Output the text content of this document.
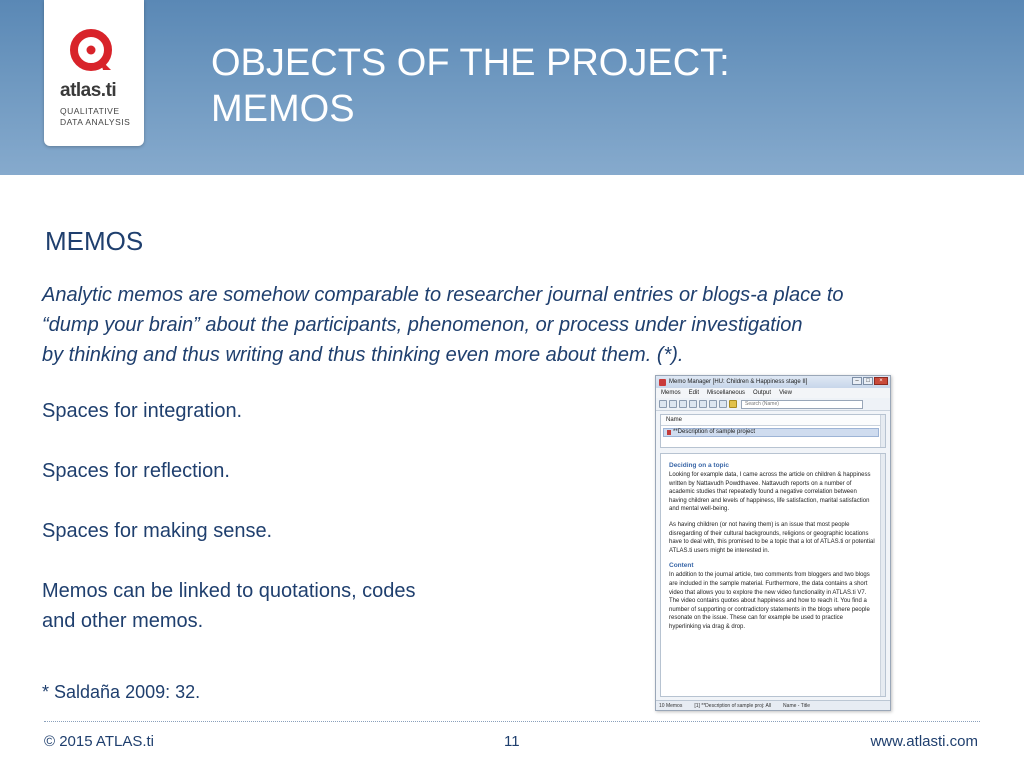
atlas.ti
QUALITATIVE
DATA ANALYSIS
OBJECTS OF THE PROJECT:
MEMOS
MEMOS
Analytic memos are somehow comparable to researcher journal entries or blogs-a place to
“dump your brain” about the participants, phenomenon, or process under investigation
by thinking and thus writing and thus thinking even more about them. (*).
Spaces for integration.
Spaces for reflection.
Spaces for making sense.
Memos can be linked to quotations, codes
and other memos.
* Saldaña 2009: 32.
Memo Manager [HU: Children & Happiness stage II]	–	□	×
Memos Edit Miscellaneous Output View
Search (Name)
Name
**Description of sample project
Deciding on a topic
Looking for example data, I came across the article on children & happiness written by Nattavudh Powdthavee. Nattavudh reports on a number of academic studies that repeatedly found a negative correlation between having children and levels of happiness, life satisfaction, marital satisfaction and mental well-being.
As having children (or not having them) is an issue that most people disregarding of their cultural backgrounds, religions or geographic locations have to deal with, this promised to be a topic that a lot of ATLAS.ti or potential ATLAS.ti users might be interested in.
Content
In addition to the journal article, two comments from bloggers and two blogs are included in the sample material. Furthermore, the data contains a short video that allows you to explore the new video functionality in ATLAS.ti V7. The video contains quotes about happiness and how to reach it. You find a number of supporting or contradictory statements in the blogs where people resonate on the issue. These can for example be used to practice hyperlinking via drag & drop.
10 Memos [1] **Description of sample proj: All Name - Title
© 2015 ATLAS.ti	11	www.atlasti.com
